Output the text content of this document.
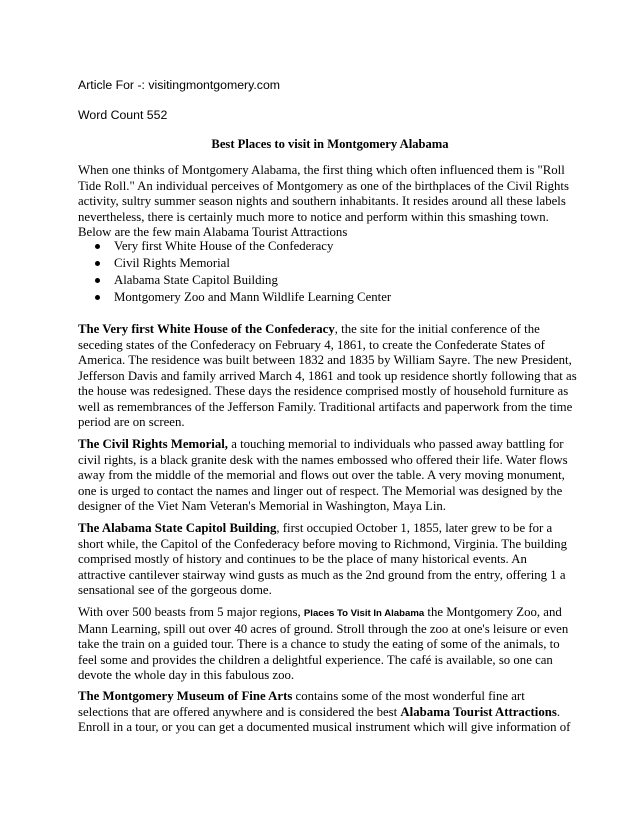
Article For -: visitingmontgomery.com
Word Count 552
Best Places to visit in Montgomery Alabama
When one thinks of Montgomery Alabama, the first thing which often influenced them is "Roll
Tide Roll." An individual perceives of Montgomery as one of the birthplaces of the Civil Rights
activity, sultry summer season nights and southern inhabitants. It resides around all these labels
nevertheless, there is certainly much more to notice and perform within this smashing town.
Below are the few main Alabama Tourist Attractions
Very first White House of the Confederacy
Civil Rights Memorial
Alabama State Capitol Building
Montgomery Zoo and Mann Wildlife Learning Center
The Very first White House of the Confederacy, the site for the initial conference of the
seceding states of the Confederacy on February 4, 1861, to create the Confederate States of
America. The residence was built between 1832 and 1835 by William Sayre. The new President,
Jefferson Davis and family arrived March 4, 1861 and took up residence shortly following that as
the house was redesigned. These days the residence comprised mostly of household furniture as
well as remembrances of the Jefferson Family. Traditional artifacts and paperwork from the time
period are on screen.
The Civil Rights Memorial, a touching memorial to individuals who passed away battling for
civil rights, is a black granite desk with the names embossed who offered their life. Water flows
away from the middle of the memorial and flows out over the table. A very moving monument,
one is urged to contact the names and linger out of respect. The Memorial was designed by the
designer of the Viet Nam Veteran's Memorial in Washington, Maya Lin.
The Alabama State Capitol Building, first occupied October 1, 1855, later grew to be for a
short while, the Capitol of the Confederacy before moving to Richmond, Virginia. The building
comprised mostly of history and continues to be the place of many historical events. An
attractive cantilever stairway wind gusts as much as the 2nd ground from the entry, offering 1 a
sensational see of the gorgeous dome.
With over 500 beasts from 5 major regions, Places To Visit In Alabama the Montgomery Zoo, and
Mann Learning, spill out over 40 acres of ground. Stroll through the zoo at one's leisure or even
take the train on a guided tour. There is a chance to study the eating of some of the animals, to
feel some and provides the children a delightful experience. The café is available, so one can
devote the whole day in this fabulous zoo.
The Montgomery Museum of Fine Arts contains some of the most wonderful fine art
selections that are offered anywhere and is considered the best Alabama Tourist Attractions.
Enroll in a tour, or you can get a documented musical instrument which will give information of
